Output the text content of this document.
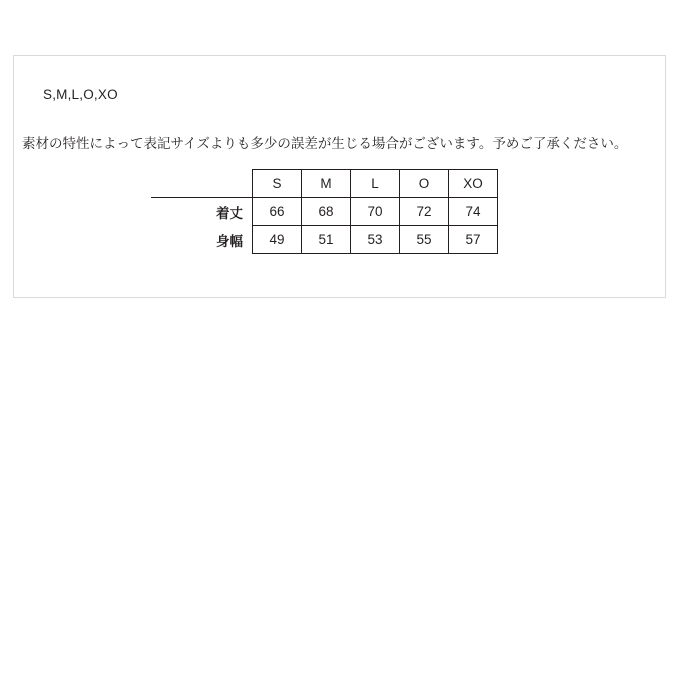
S,M,L,O,XO
素材の特性によって表記サイズよりも多少の誤差が生じる場合がございます。予めご了承ください。
	S	M	L	O	XO
着丈	66	68	70	72	74
身幅	49	51	53	55	57
